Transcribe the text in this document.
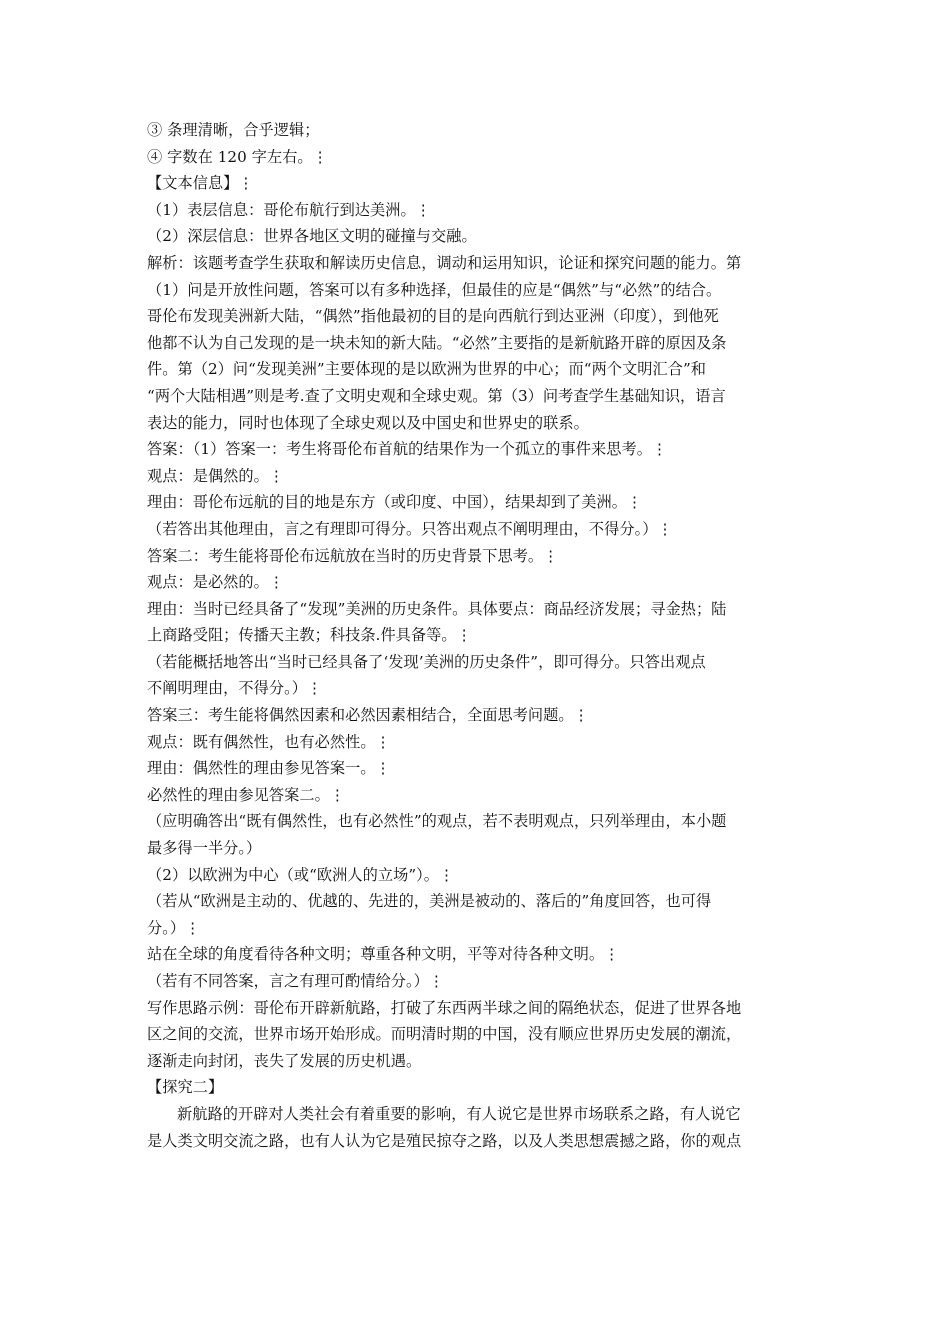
③ 条理清晰，合乎逻辑；
④ 字数在 120 字左右。⋮
【文本信息】⋮
（1）表层信息：哥伦布航行到达美洲。⋮
（2）深层信息：世界各地区文明的碰撞与交融。
解析：该题考查学生获取和解读历史信息，调动和运用知识，论证和探究问题的能力。第
（1）问是开放性问题，答案可以有多种选择，但最佳的应是“偶然”与“必然”的结合。
哥伦布发现美洲新大陆，“偶然”指他最初的目的是向西航行到达亚洲（印度），到他死
他都不认为自己发现的是一块未知的新大陆。“必然”主要指的是新航路开辟的原因及条
件。第（2）问“发现美洲”主要体现的是以欧洲为世界的中心；而“两个文明汇合”和
“两个大陆相遇”则是考.查了文明史观和全球史观。第（3）问考查学生基础知识，语言
表达的能力，同时也体现了全球史观以及中国史和世界史的联系。
答案：（1）答案一：考生将哥伦布首航的结果作为一个孤立的事件来思考。⋮
观点：是偶然的。⋮
理由：哥伦布远航的目的地是东方（或印度、中国），结果却到了美洲。⋮
（若答出其他理由，言之有理即可得分。只答出观点不阐明理由，不得分。）⋮
答案二：考生能将哥伦布远航放在当时的历史背景下思考。⋮
观点：是必然的。⋮
理由：当时已经具备了“发现”美洲的历史条件。具体要点：商品经济发展；寻金热；陆
上商路受阻；传播天主教；科技条.件具备等。⋮
（若能概括地答出“当时已经具备了‘发现’美洲的历史条件”，即可得分。只答出观点
不阐明理由，不得分。）⋮
答案三：考生能将偶然因素和必然因素相结合，全面思考问题。⋮
观点：既有偶然性，也有必然性。⋮
理由：偶然性的理由参见答案一。⋮
必然性的理由参见答案二。⋮
（应明确答出“既有偶然性，也有必然性”的观点，若不表明观点，只列举理由，本小题
最多得一半分。）
（2）以欧洲为中心（或“欧洲人的立场”）。⋮
（若从“欧洲是主动的、优越的、先进的，美洲是被动的、落后的”角度回答，也可得
分。）⋮
站在全球的角度看待各种文明；尊重各种文明，平等对待各种文明。⋮
（若有不同答案，言之有理可酌情给分。）⋮
写作思路示例：哥伦布开辟新航路，打破了东西两半球之间的隔绝状态，促进了世界各地
区之间的交流，世界市场开始形成。而明清时期的中国，没有顺应世界历史发展的潮流，
逐渐走向封闭，丧失了发展的历史机遇。
【探究二】
新航路的开辟对人类社会有着重要的影响，有人说它是世界市场联系之路，有人说它
是人类文明交流之路，也有人认为它是殖民掠夺之路，以及人类思想震撼之路，你的观点
